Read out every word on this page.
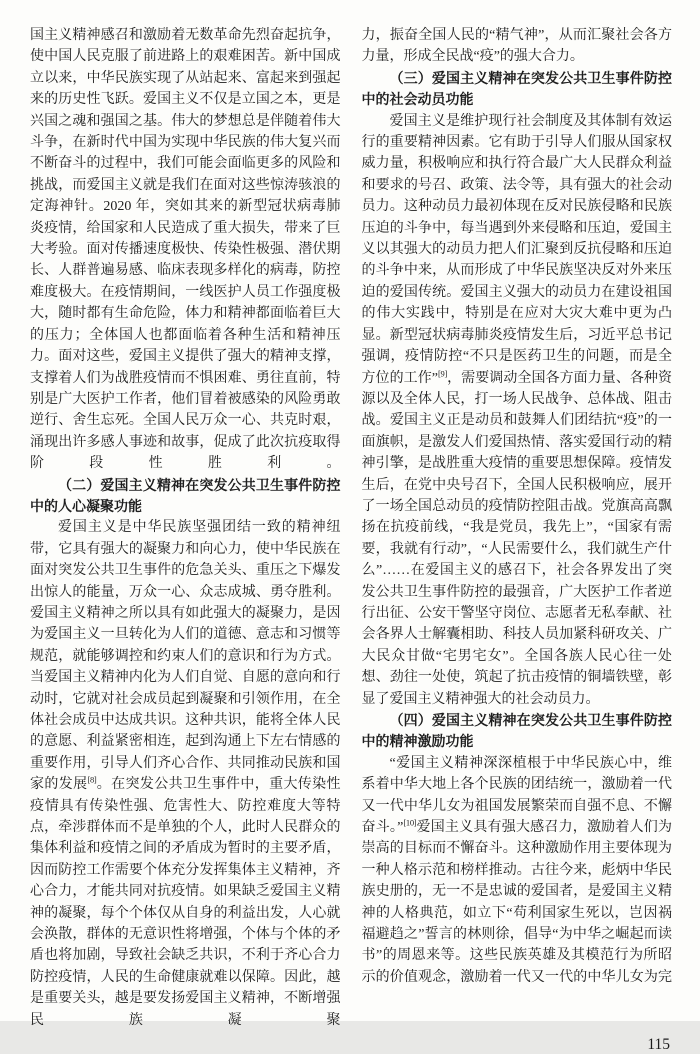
国主义精神感召和激励着无数革命先烈奋起抗争，使中国人民克服了前进路上的艰难困苦。新中国成立以来，中华民族实现了从站起来、富起来到强起来的历史性飞跃。爱国主义不仅是立国之本，更是兴国之魂和强国之基。伟大的梦想总是伴随着伟大斗争，在新时代中国为实现中华民族的伟大复兴而不断奋斗的过程中，我们可能会面临更多的风险和挑战，而爱国主义就是我们在面对这些惊涛骇浪的定海神针。2020 年，突如其来的新型冠状病毒肺炎疫情，给国家和人民造成了重大损失，带来了巨大考验。面对传播速度极快、传染性极强、潜伏期长、人群普遍易感、临床表现多样化的病毒，防控难度极大。在疫情期间，一线医护人员工作强度极大，随时都有生命危险，体力和精神都面临着巨大的压力；全体国人也都面临着各种生活和精神压力。面对这些，爱国主义提供了强大的精神支撑，支撑着人们为战胜疫情而不惧困难、勇往直前，特别是广大医护工作者，他们冒着被感染的风险勇敢逆行、舍生忘死。全国人民万众一心、共克时艰，涌现出许多感人事迹和故事，促成了此次抗疫取得阶段性胜利。

（二）爱国主义精神在突发公共卫生事件防控中的人心凝聚功能

爱国主义是中华民族坚强团结一致的精神纽带，它具有强大的凝聚力和向心力，使中华民族在面对突发公共卫生事件的危急关头、重压之下爆发出惊人的能量，万众一心、众志成城、勇夺胜利。爱国主义精神之所以具有如此强大的凝聚力，是因为爱国主义一旦转化为人们的道德、意志和习惯等规范，就能够调控和约束人们的意识和行为方式。当爱国主义精神内化为人们自觉、自愿的意向和行动时，它就对社会成员起到凝聚和引领作用，在全体社会成员中达成共识。这种共识，能将全体人民的意愿、利益紧密相连，起到沟通上下左右情感的重要作用，引导人们齐心合作、共同推动民族和国家的发展[8]。在突发公共卫生事件中，重大传染性疫情具有传染性强、危害性大、防控难度大等特点，牵涉群体而不是单独的个人，此时人民群众的集体利益和疫情之间的矛盾成为暂时的主要矛盾，因而防控工作需要个体充分发挥集体主义精神，齐心合力，才能共同对抗疫情。如果缺乏爱国主义精神的凝聚，每个个体仅从自身的利益出发，人心就会涣散，群体的无意识性将增强，个体与个体的矛盾也将加剧，导致社会缺乏共识，不利于齐心合力防控疫情，人民的生命健康就难以保障。因此，越是重要关头，越是要发扬爱国主义精神，不断增强民族凝聚

力，振奋全国人民的“精气神”，从而汇聚社会各方力量，形成全民战“疫”的强大合力。

（三）爱国主义精神在突发公共卫生事件防控中的社会动员功能

爱国主义是维护现行社会制度及其体制有效运行的重要精神因素。它有助于引导人们服从国家权威力量，积极响应和执行符合最广大人民群众利益和要求的号召、政策、法令等，具有强大的社会动员力。这种动员力最初体现在反对民族侵略和民族压迫的斗争中，每当遇到外来侵略和压迫，爱国主义以其强大的动员力把人们汇聚到反抗侵略和压迫的斗争中来，从而形成了中华民族坚决反对外来压迫的爱国传统。爱国主义强大的动员力在建设祖国的伟大实践中，特别是在应对大灾大难中更为凸显。新型冠状病毒肺炎疫情发生后，习近平总书记强调，疫情防控“不只是医药卫生的问题，而是全方位的工作”[9]，需要调动全国各方面力量、各种资源以及全体人民，打一场人民战争、总体战、阻击战。爱国主义正是动员和鼓舞人们团结抗“疫”的一面旗帜，是激发人们爱国热情、落实爱国行动的精神引擎，是战胜重大疫情的重要思想保障。疫情发生后，在党中央号召下，全国人民积极响应，展开了一场全国总动员的疫情防控阻击战。党旗高高飘扬在抗疫前线，“我是党员，我先上”，“国家有需要，我就有行动”，“人民需要什么，我们就生产什么”……在爱国主义的感召下，社会各界发出了突发公共卫生事件防控的最强音，广大医护工作者逆行出征、公安干警坚守岗位、志愿者无私奉献、社会各界人士解囊相助、科技人员加紧科研攻关、广大民众甘做“宅男宅女”。全国各族人民心往一处想、劲往一处使，筑起了抗击疫情的铜墙铁壁，彰显了爱国主义精神强大的社会动员力。

（四）爱国主义精神在突发公共卫生事件防控中的精神激励功能

“爱国主义精神深深植根于中华民族心中，维系着中华大地上各个民族的团结统一，激励着一代又一代中华儿女为祖国发展繁荣而自强不息、不懈奋斗。”[10]爱国主义具有强大感召力，激励着人们为崇高的目标而不懈奋斗。这种激励作用主要体现为一种人格示范和榜样推动。古往今来，彪炳中华民族史册的，无一不是忠诚的爱国者，是爱国主义精神的人格典范，如立下“苟利国家生死以，岂因祸福避趋之”誓言的林则徐，倡导“为中华之崛起而读书”的周恩来等。这些民族英雄及其模范行为所昭示的价值观念，激励着一代又一代的中华儿女为完

115
